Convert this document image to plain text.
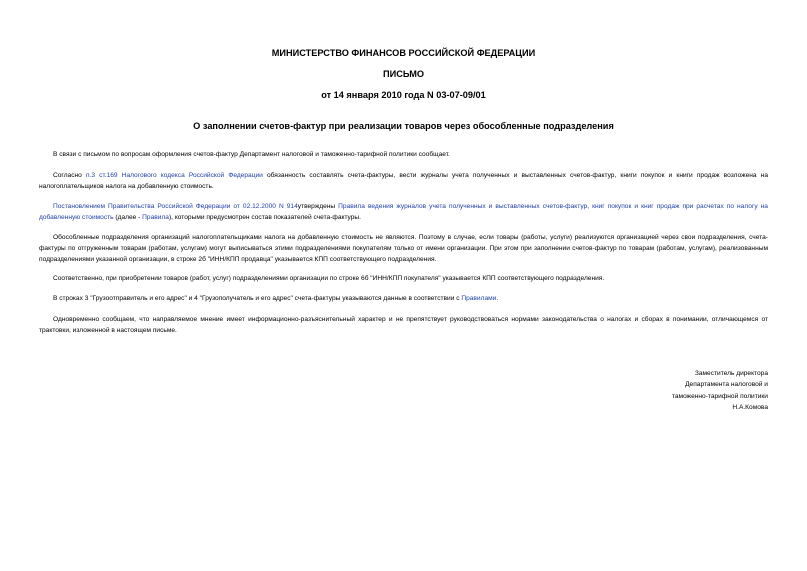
МИНИСТЕРСТВО ФИНАНСОВ РОССИЙСКОЙ ФЕДЕРАЦИИ
ПИСЬМО
от 14 января 2010 года N 03-07-09/01
О заполнении счетов-фактур при реализации товаров через обособленные подразделения
В связи с письмом по вопросам оформления счетов-фактур Департамент налоговой и таможенно-тарифной политики сообщает.
Согласно п.3 ст.169 Налогового кодекса Российской Федерации обязанность составлять счета-фактуры, вести журналы учета полученных и выставленных счетов-фактур, книги покупок и книги продаж возложена на налогоплательщиков налога на добавленную стоимость.
Постановлением Правительства Российской Федерации от 02.12.2000 N 914утверждены Правила ведения журналов учета полученных и выставленных счетов-фактур, книг покупок и книг продаж при расчетах по налогу на добавленную стоимость (далее - Правила), которыми предусмотрен состав показателей счета-фактуры.
Обособленные подразделения организаций налогоплательщиками налога на добавленную стоимость не являются. Поэтому в случае, если товары (работы, услуги) реализуются организацией через свои подразделения, счета-фактуры по отгруженным товарам (работам, услугам) могут выписываться этими подразделениями покупателям только от имени организации. При этом при заполнении счетов-фактур по товарам (работам, услугам), реализованным подразделениями указанной организации, в строке 2б "ИНН/КПП продавца" указывается КПП соответствующего подразделения.
Соответственно, при приобретении товаров (работ, услуг) подразделениями организации по строке 6б "ИНН/КПП покупателя" указывается КПП соответствующего подразделения.
В строках 3 "Грузоотправитель и его адрес" и 4 "Грузополучатель и его адрес" счета-фактуры указываются данные в соответствии с Правилами.
Одновременно сообщаем, что направляемое мнение имеет информационно-разъяснительный характер и не препятствует руководствоваться нормами законодательства о налогах и сборах в понимании, отличающемся от трактовки, изложенной в настоящем письме.
Заместитель директора
Департамента налоговой и
таможенно-тарифной политики
Н.А.Комова
